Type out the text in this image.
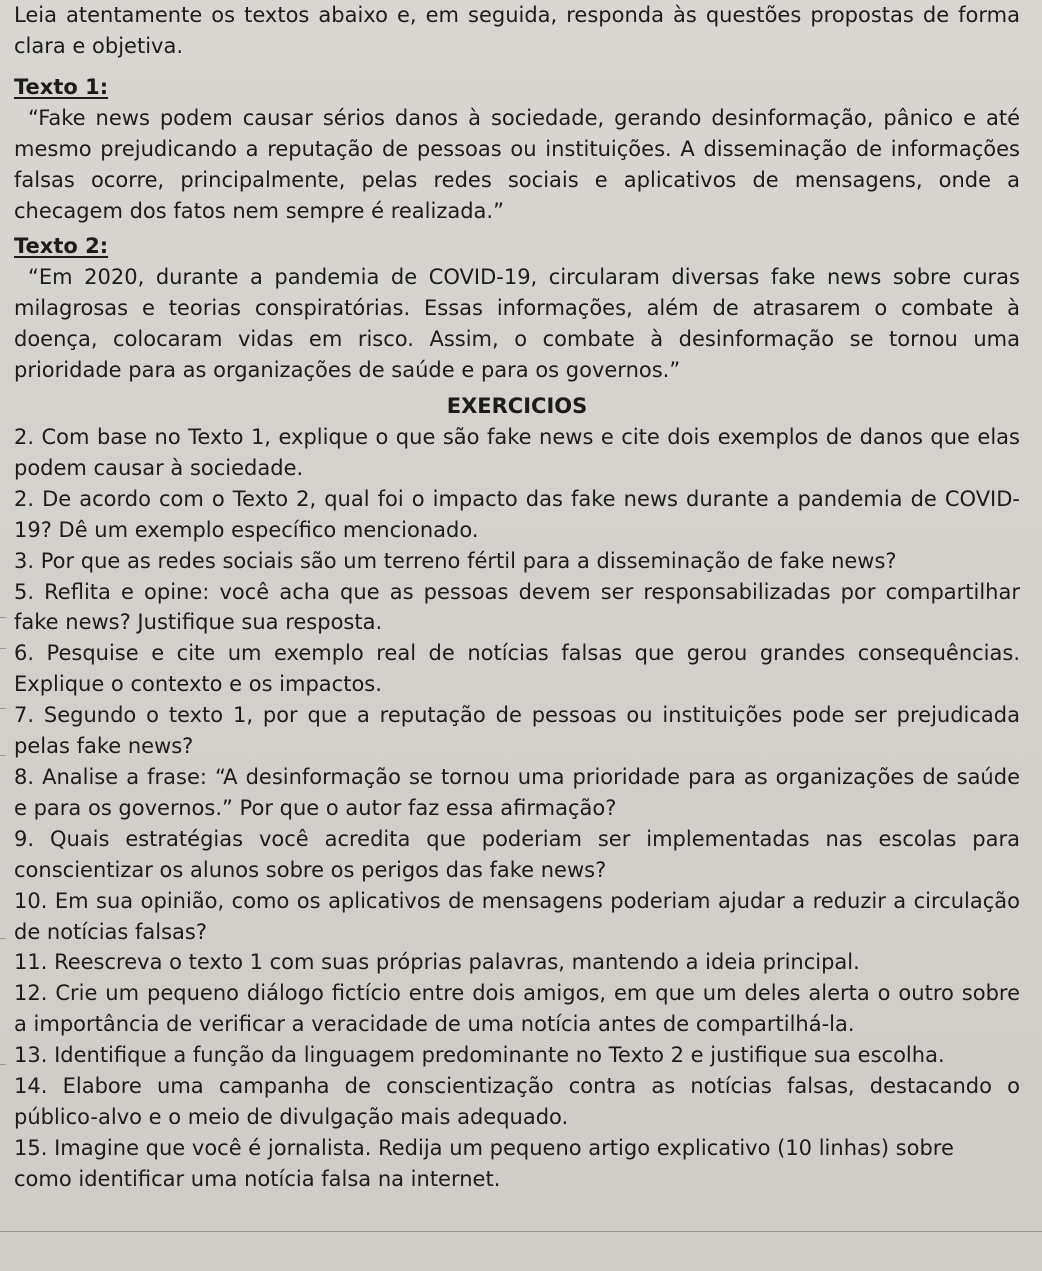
Leia atentamente os textos abaixo e, em seguida, responda às questões propostas de forma
clara e objetiva.
Texto 1:
“Fake news podem causar sérios danos à sociedade, gerando desinformação, pânico e até
mesmo prejudicando a reputação de pessoas ou instituições. A disseminação de informações
falsas ocorre, principalmente, pelas redes sociais e aplicativos de mensagens, onde a
checagem dos fatos nem sempre é realizada.”
Texto 2:
“Em 2020, durante a pandemia de COVID-19, circularam diversas fake news sobre curas
milagrosas e teorias conspiratórias. Essas informações, além de atrasarem o combate à
doença, colocaram vidas em risco. Assim, o combate à desinformação se tornou uma
prioridade para as organizações de saúde e para os governos.”
EXERCICIOS
2. Com base no Texto 1, explique o que são fake news e cite dois exemplos de danos que elas
podem causar à sociedade.
2. De acordo com o Texto 2, qual foi o impacto das fake news durante a pandemia de COVID-
19? Dê um exemplo específico mencionado.
3. Por que as redes sociais são um terreno fértil para a disseminação de fake news?
5. Reflita e opine: você acha que as pessoas devem ser responsabilizadas por compartilhar
fake news? Justifique sua resposta.
6. Pesquise e cite um exemplo real de notícias falsas que gerou grandes consequências.
Explique o contexto e os impactos.
7. Segundo o texto 1, por que a reputação de pessoas ou instituições pode ser prejudicada
pelas fake news?
8. Analise a frase: “A desinformação se tornou uma prioridade para as organizações de saúde
e para os governos.” Por que o autor faz essa afirmação?
9. Quais estratégias você acredita que poderiam ser implementadas nas escolas para
conscientizar os alunos sobre os perigos das fake news?
10. Em sua opinião, como os aplicativos de mensagens poderiam ajudar a reduzir a circulação
de notícias falsas?
11. Reescreva o texto 1 com suas próprias palavras, mantendo a ideia principal.
12. Crie um pequeno diálogo fictício entre dois amigos, em que um deles alerta o outro sobre
a importância de verificar a veracidade de uma notícia antes de compartilhá-la.
13. Identifique a função da linguagem predominante no Texto 2 e justifique sua escolha.
14. Elabore uma campanha de conscientização contra as notícias falsas, destacando o
público-alvo e o meio de divulgação mais adequado.
15. Imagine que você é jornalista. Redija um pequeno artigo explicativo (10 linhas) sobre
como identificar uma notícia falsa na internet.
